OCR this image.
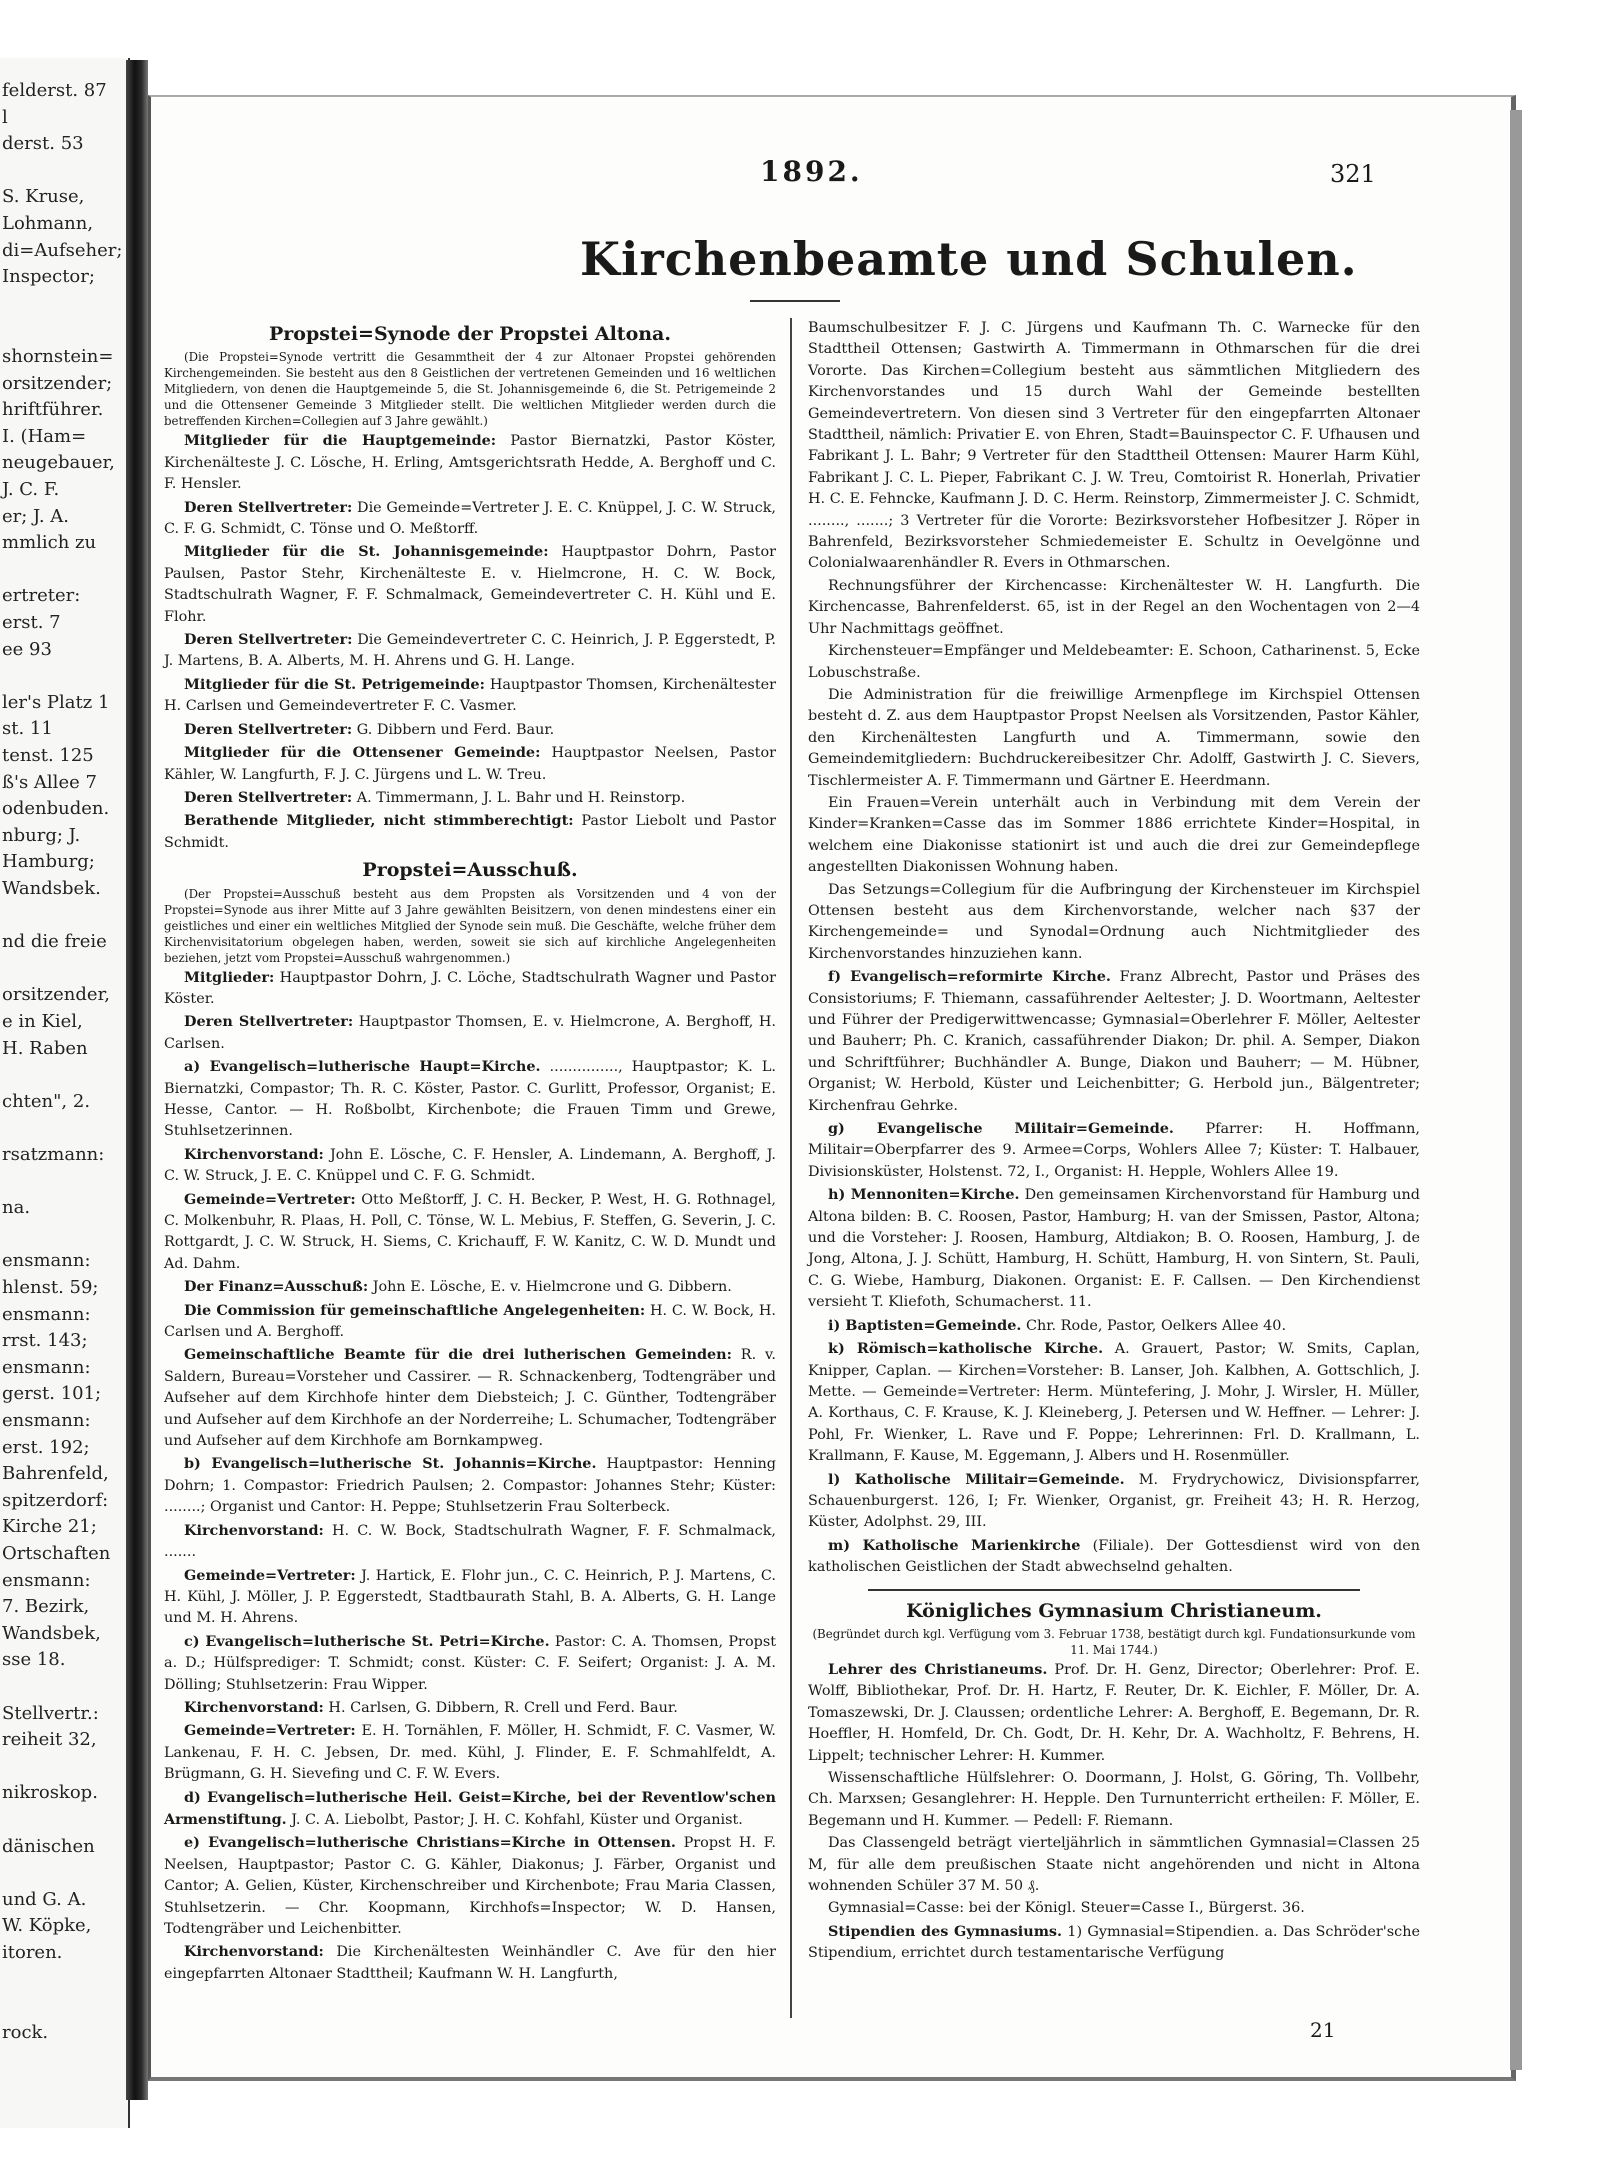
felderst. 87
l
derst. 53
S. Kruse,
Lohmann,
di=Aufseher;
Inspector;
shornstein=
orsitzender;
hriftführer.
I. (Ham=
neugebauer,
J. C. F.
er; J. A.
mmlich zu
ertreter:
erst. 7
ee 93
ler's Platz 1
st. 11
tenst. 125
ß's Allee 7
odenbuden.
nburg; J.
Hamburg;
Wandsbek.
nd die freie
orsitzender,
e in Kiel,
H. Raben
chten", 2.
rsatzmann:
na.
ensmann:
hlenst. 59;
ensmann:
rrst. 143;
ensmann:
gerst. 101;
ensmann:
erst. 192;
Bahrenfeld,
spitzerdorf:
Kirche 21;
Ortschaften
ensmann:
7. Bezirk,
Wandsbek,
sse 18.
Stellvertr.:
reiheit 32,
nikroskop.
dänischen
und G. A.
W. Köpke,
itoren.
rock.
1892.	321
Kirchenbeamte und Schulen.
Propstei=Synode der Propstei Altona.

(Die Propstei=Synode vertritt die Gesammtheit der 4 zur Altonaer Propstei gehörenden Kirchengemeinden. Sie besteht aus den 8 Geistlichen der vertretenen Gemeinden und 16 weltlichen Mitgliedern, von denen die Hauptgemeinde 5, die St. Johannisgemeinde 6, die St. Petrigemeinde 2 und die Ottensener Gemeinde 3 Mitglieder stellt. Die weltlichen Mitglieder werden durch die betreffenden Kirchen=Collegien auf 3 Jahre gewählt.)

Mitglieder für die Hauptgemeinde: Pastor Biernatzki, Pastor Köster, Kirchenälteste J. C. Lösche, H. Erling, Amtsgerichtsrath Hedde, A. Berghoff und C. F. Hensler.

Deren Stellvertreter: Die Gemeinde=Vertreter J. E. C. Knüppel, J. C. W. Struck, C. F. G. Schmidt, C. Tönse und O. Meßtorff.

Mitglieder für die St. Johannisgemeinde: Hauptpastor Dohrn, Pastor Paulsen, Pastor Stehr, Kirchenälteste E. v. Hielmcrone, H. C. W. Bock, Stadtschulrath Wagner, F. F. Schmalmack, Gemeindevertreter C. H. Kühl und E. Flohr.

Deren Stellvertreter: Die Gemeindevertreter C. C. Heinrich, J. P. Eggerstedt, P. J. Martens, B. A. Alberts, M. H. Ahrens und G. H. Lange.

Mitglieder für die St. Petrigemeinde: Hauptpastor Thomsen, Kirchenältester H. Carlsen und Gemeindevertreter F. C. Vasmer.

Deren Stellvertreter: G. Dibbern und Ferd. Baur.

Mitglieder für die Ottensener Gemeinde: Hauptpastor Neelsen, Pastor Kähler, W. Langfurth, F. J. C. Jürgens und L. W. Treu.

Deren Stellvertreter: A. Timmermann, J. L. Bahr und H. Reinstorp.

Berathende Mitglieder, nicht stimmberechtigt: Pastor Liebolt und Pastor Schmidt.

Propstei=Ausschuß.

(Der Propstei=Ausschuß besteht aus dem Propsten als Vorsitzenden und 4 von der Propstei=Synode aus ihrer Mitte auf 3 Jahre gewählten Beisitzern, von denen mindestens einer ein geistliches und einer ein weltliches Mitglied der Synode sein muß. Die Geschäfte, welche früher dem Kirchenvisitatorium obgelegen haben, werden, soweit sie sich auf kirchliche Angelegenheiten beziehen, jetzt vom Propstei=Ausschuß wahrgenommen.)

Mitglieder: Hauptpastor Dohrn, J. C. Löche, Stadtschulrath Wagner und Pastor Köster.

Deren Stellvertreter: Hauptpastor Thomsen, E. v. Hielmcrone, A. Berghoff, H. Carlsen.

a) Evangelisch=lutherische Haupt=Kirche. ..............., Hauptpastor; K. L. Biernatzki, Compastor; Th. R. C. Köster, Pastor. C. Gurlitt, Professor, Organist; E. Hesse, Cantor. — H. Roßbolbt, Kirchenbote; die Frauen Timm und Grewe, Stuhlsetzerinnen.

Kirchenvorstand: John E. Lösche, C. F. Hensler, A. Lindemann, A. Berghoff, J. C. W. Struck, J. E. C. Knüppel und C. F. G. Schmidt.

Gemeinde=Vertreter: Otto Meßtorff, J. C. H. Becker, P. West, H. G. Rothnagel, C. Molkenbuhr, R. Plaas, H. Poll, C. Tönse, W. L. Mebius, F. Steffen, G. Severin, J. C. Rottgardt, J. C. W. Struck, H. Siems, C. Krichauff, F. W. Kanitz, C. W. D. Mundt und Ad. Dahm.

Der Finanz=Ausschuß: John E. Lösche, E. v. Hielmcrone und G. Dibbern.

Die Commission für gemeinschaftliche Angelegenheiten: H. C. W. Bock, H. Carlsen und A. Berghoff.

Gemeinschaftliche Beamte für die drei lutherischen Gemeinden: R. v. Saldern, Bureau=Vorsteher und Cassirer. — R. Schnackenberg, Todtengräber und Aufseher auf dem Kirchhofe hinter dem Diebsteich; J. C. Günther, Todtengräber und Aufseher auf dem Kirchhofe an der Norderreihe; L. Schumacher, Todtengräber und Aufseher auf dem Kirchhofe am Bornkampweg.

b) Evangelisch=lutherische St. Johannis=Kirche. Hauptpastor: Henning Dohrn; 1. Compastor: Friedrich Paulsen; 2. Compastor: Johannes Stehr; Küster: ........; Organist und Cantor: H. Peppe; Stuhlsetzerin Frau Solterbeck.

Kirchenvorstand: H. C. W. Bock, Stadtschulrath Wagner, F. F. Schmalmack, .......

Gemeinde=Vertreter: J. Hartick, E. Flohr jun., C. C. Heinrich, P. J. Martens, C. H. Kühl, J. Möller, J. P. Eggerstedt, Stadtbaurath Stahl, B. A. Alberts, G. H. Lange und M. H. Ahrens.

c) Evangelisch=lutherische St. Petri=Kirche. Pastor: C. A. Thomsen, Propst a. D.; Hülfsprediger: T. Schmidt; const. Küster: C. F. Seifert; Organist: J. A. M. Dölling; Stuhlsetzerin: Frau Wipper.

Kirchenvorstand: H. Carlsen, G. Dibbern, R. Crell und Ferd. Baur.

Gemeinde=Vertreter: E. H. Tornählen, F. Möller, H. Schmidt, F. C. Vasmer, W. Lankenau, F. H. C. Jebsen, Dr. med. Kühl, J. Flinder, E. F. Schmahlfeldt, A. Brügmann, G. H. Sievefing und C. F. W. Evers.

d) Evangelisch=lutherische Heil. Geist=Kirche, bei der Reventlow'schen Armenstiftung. J. C. A. Liebolbt, Pastor; J. H. C. Kohfahl, Küster und Organist.

e) Evangelisch=lutherische Christians=Kirche in Ottensen. Propst H. F. Neelsen, Hauptpastor; Pastor C. G. Kähler, Diakonus; J. Färber, Organist und Cantor; A. Gelien, Küster, Kirchenschreiber und Kirchenbote; Frau Maria Classen, Stuhlsetzerin. — Chr. Koopmann, Kirchhofs=Inspector; W. D. Hansen, Todtengräber und Leichenbitter.

Kirchenvorstand: Die Kirchenältesten Weinhändler C. Ave für den hier eingepfarrten Altonaer Stadttheil; Kaufmann W. H. Langfurth,

Baumschulbesitzer F. J. C. Jürgens und Kaufmann Th. C. Warnecke für den Stadttheil Ottensen; Gastwirth A. Timmermann in Othmarschen für die drei Vororte. Das Kirchen=Collegium besteht aus sämmtlichen Mitgliedern des Kirchenvorstandes und 15 durch Wahl der Gemeinde bestellten Gemeindevertretern. Von diesen sind 3 Vertreter für den eingepfarrten Altonaer Stadttheil, nämlich: Privatier E. von Ehren, Stadt=Bauinspector C. F. Ufhausen und Fabrikant J. L. Bahr; 9 Vertreter für den Stadttheil Ottensen: Maurer Harm Kühl, Fabrikant J. C. L. Pieper, Fabrikant C. J. W. Treu, Comtoirist R. Honerlah, Privatier H. C. E. Fehncke, Kaufmann J. D. C. Herm. Reinstorp, Zimmermeister J. C. Schmidt, ........, .......; 3 Vertreter für die Vororte: Bezirksvorsteher Hofbesitzer J. Röper in Bahrenfeld, Bezirksvorsteher Schmiedemeister E. Schultz in Oevelgönne und Colonialwaarenhändler R. Evers in Othmarschen.

Rechnungsführer der Kirchencasse: Kirchenältester W. H. Langfurth. Die Kirchencasse, Bahrenfelderst. 65, ist in der Regel an den Wochentagen von 2—4 Uhr Nachmittags geöffnet.

Kirchensteuer=Empfänger und Meldebeamter: E. Schoon, Catharinenst. 5, Ecke Lobuschstraße.

Die Administration für die freiwillige Armenpflege im Kirchspiel Ottensen besteht d. Z. aus dem Hauptpastor Propst Neelsen als Vorsitzenden, Pastor Kähler, den Kirchenältesten Langfurth und A. Timmermann, sowie den Gemeindemitgliedern: Buchdruckereibesitzer Chr. Adolff, Gastwirth J. C. Sievers, Tischlermeister A. F. Timmermann und Gärtner E. Heerdmann.

Ein Frauen=Verein unterhält auch in Verbindung mit dem Verein der Kinder=Kranken=Casse das im Sommer 1886 errichtete Kinder=Hospital, in welchem eine Diakonisse stationirt ist und auch die drei zur Gemeindepflege angestellten Diakonissen Wohnung haben.

Das Setzungs=Collegium für die Aufbringung der Kirchensteuer im Kirchspiel Ottensen besteht aus dem Kirchenvorstande, welcher nach §37 der Kirchengemeinde= und Synodal=Ordnung auch Nichtmitglieder des Kirchenvorstandes hinzuziehen kann.

f) Evangelisch=reformirte Kirche. Franz Albrecht, Pastor und Präses des Consistoriums; F. Thiemann, cassaführender Aeltester; J. D. Woortmann, Aeltester und Führer der Predigerwittwencasse; Gymnasial=Oberlehrer F. Möller, Aeltester und Bauherr; Ph. C. Kranich, cassaführender Diakon; Dr. phil. A. Semper, Diakon und Schriftführer; Buchhändler A. Bunge, Diakon und Bauherr; — M. Hübner, Organist; W. Herbold, Küster und Leichenbitter; G. Herbold jun., Bälgentreter; Kirchenfrau Gehrke.

g) Evangelische Militair=Gemeinde. Pfarrer: H. Hoffmann, Militair=Oberpfarrer des 9. Armee=Corps, Wohlers Allee 7; Küster: T. Halbauer, Divisionsküster, Holstenst. 72, I., Organist: H. Hepple, Wohlers Allee 19.

h) Mennoniten=Kirche. Den gemeinsamen Kirchenvorstand für Hamburg und Altona bilden: B. C. Roosen, Pastor, Hamburg; H. van der Smissen, Pastor, Altona; und die Vorsteher: J. Roosen, Hamburg, Altdiakon; B. O. Roosen, Hamburg, J. de Jong, Altona, J. J. Schütt, Hamburg, H. Schütt, Hamburg, H. von Sintern, St. Pauli, C. G. Wiebe, Hamburg, Diakonen. Organist: E. F. Callsen. — Den Kirchendienst versieht T. Kliefoth, Schumacherst. 11.

i) Baptisten=Gemeinde. Chr. Rode, Pastor, Oelkers Allee 40.

k) Römisch=katholische Kirche. A. Grauert, Pastor; W. Smits, Caplan, Knipper, Caplan. — Kirchen=Vorsteher: B. Lanser, Joh. Kalbhen, A. Gottschlich, J. Mette. — Gemeinde=Vertreter: Herm. Müntefering, J. Mohr, J. Wirsler, H. Müller, A. Korthaus, C. F. Krause, K. J. Kleineberg, J. Petersen und W. Heffner. — Lehrer: J. Pohl, Fr. Wienker, L. Rave und F. Poppe; Lehrerinnen: Frl. D. Krallmann, L. Krallmann, F. Kause, M. Eggemann, J. Albers und H. Rosenmüller.

l) Katholische Militair=Gemeinde. M. Frydrychowicz, Divisionspfarrer, Schauenburgerst. 126, I; Fr. Wienker, Organist, gr. Freiheit 43; H. R. Herzog, Küster, Adolphst. 29, III.

m) Katholische Marienkirche (Filiale). Der Gottesdienst wird von den katholischen Geistlichen der Stadt abwechselnd gehalten.

Königliches Gymnasium Christianeum.

(Begründet durch kgl. Verfügung vom 3. Februar 1738, bestätigt durch kgl. Fundationsurkunde vom 11. Mai 1744.)

Lehrer des Christianeums. Prof. Dr. H. Genz, Director; Oberlehrer: Prof. E. Wolff, Bibliothekar, Prof. Dr. H. Hartz, F. Reuter, Dr. K. Eichler, F. Möller, Dr. A. Tomaszewski, Dr. J. Claussen; ordentliche Lehrer: A. Berghoff, E. Begemann, Dr. R. Hoeffler, H. Homfeld, Dr. Ch. Godt, Dr. H. Kehr, Dr. A. Wachholtz, F. Behrens, H. Lippelt; technischer Lehrer: H. Kummer.

Wissenschaftliche Hülfslehrer: O. Doormann, J. Holst, G. Göring, Th. Vollbehr, Ch. Marxsen; Gesanglehrer: H. Hepple. Den Turnunterricht ertheilen: F. Möller, E. Begemann und H. Kummer. — Pedell: F. Riemann.

Das Classengeld beträgt vierteljährlich in sämmtlichen Gymnasial=Classen 25 M, für alle dem preußischen Staate nicht angehörenden und nicht in Altona wohnenden Schüler 37 M. 50 ₰.

Gymnasial=Casse: bei der Königl. Steuer=Casse I., Bürgerst. 36.

Stipendien des Gymnasiums. 1) Gymnasial=Stipendien. a. Das Schröder'sche Stipendium, errichtet durch testamentarische Verfügung

21
